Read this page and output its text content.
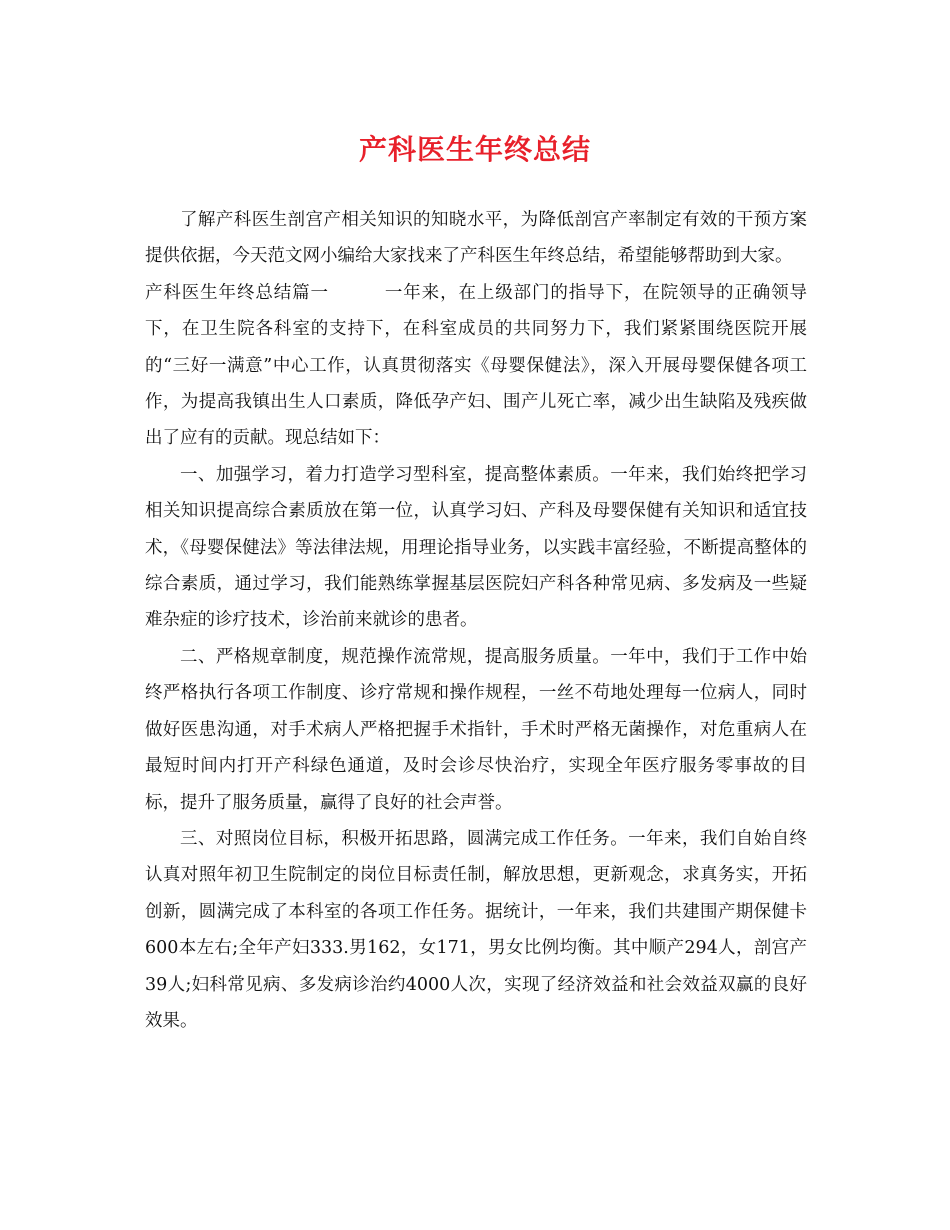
产科医生年终总结

了解产科医生剖宫产相关知识的知晓水平，为降低剖宫产率制定有效的干预方案提供依据，今天范文网小编给大家找来了产科医生年终总结，希望能够帮助到大家。

产科医生年终总结篇一	一年来，在上级部门的指导下，在院领导的正确领导下，在卫生院各科室的支持下，在科室成员的共同努力下，我们紧紧围绕医院开展的“三好一满意”中心工作，认真贯彻落实《母婴保健法》，深入开展母婴保健各项工作，为提高我镇出生人口素质，降低孕产妇、围产儿死亡率，减少出生缺陷及残疾做出了应有的贡献。现总结如下：

一、加强学习，着力打造学习型科室，提高整体素质。一年来，我们始终把学习相关知识提高综合素质放在第一位，认真学习妇、产科及母婴保健有关知识和适宜技术，《母婴保健法》等法律法规，用理论指导业务，以实践丰富经验，不断提高整体的综合素质，通过学习，我们能熟练掌握基层医院妇产科各种常见病、多发病及一些疑难杂症的诊疗技术，诊治前来就诊的患者。

二、严格规章制度，规范操作流常规，提高服务质量。一年中，我们于工作中始终严格执行各项工作制度、诊疗常规和操作规程，一丝不苟地处理每一位病人，同时做好医患沟通，对手术病人严格把握手术指针，手术时严格无菌操作，对危重病人在最短时间内打开产科绿色通道，及时会诊尽快治疗，实现全年医疗服务零事故的目标，提升了服务质量，赢得了良好的社会声誉。

三、对照岗位目标，积极开拓思路，圆满完成工作任务。一年来，我们自始自终认真对照年初卫生院制定的岗位目标责任制，解放思想，更新观念，求真务实，开拓创新，圆满完成了本科室的各项工作任务。据统计，一年来，我们共建围产期保健卡 600本左右;全年产妇333.男162，女171，男女比例均衡。其中顺产294人，剖宫产39人;妇科常见病、多发病诊治约4000人次，实现了经济效益和社会效益双赢的良好效果。
